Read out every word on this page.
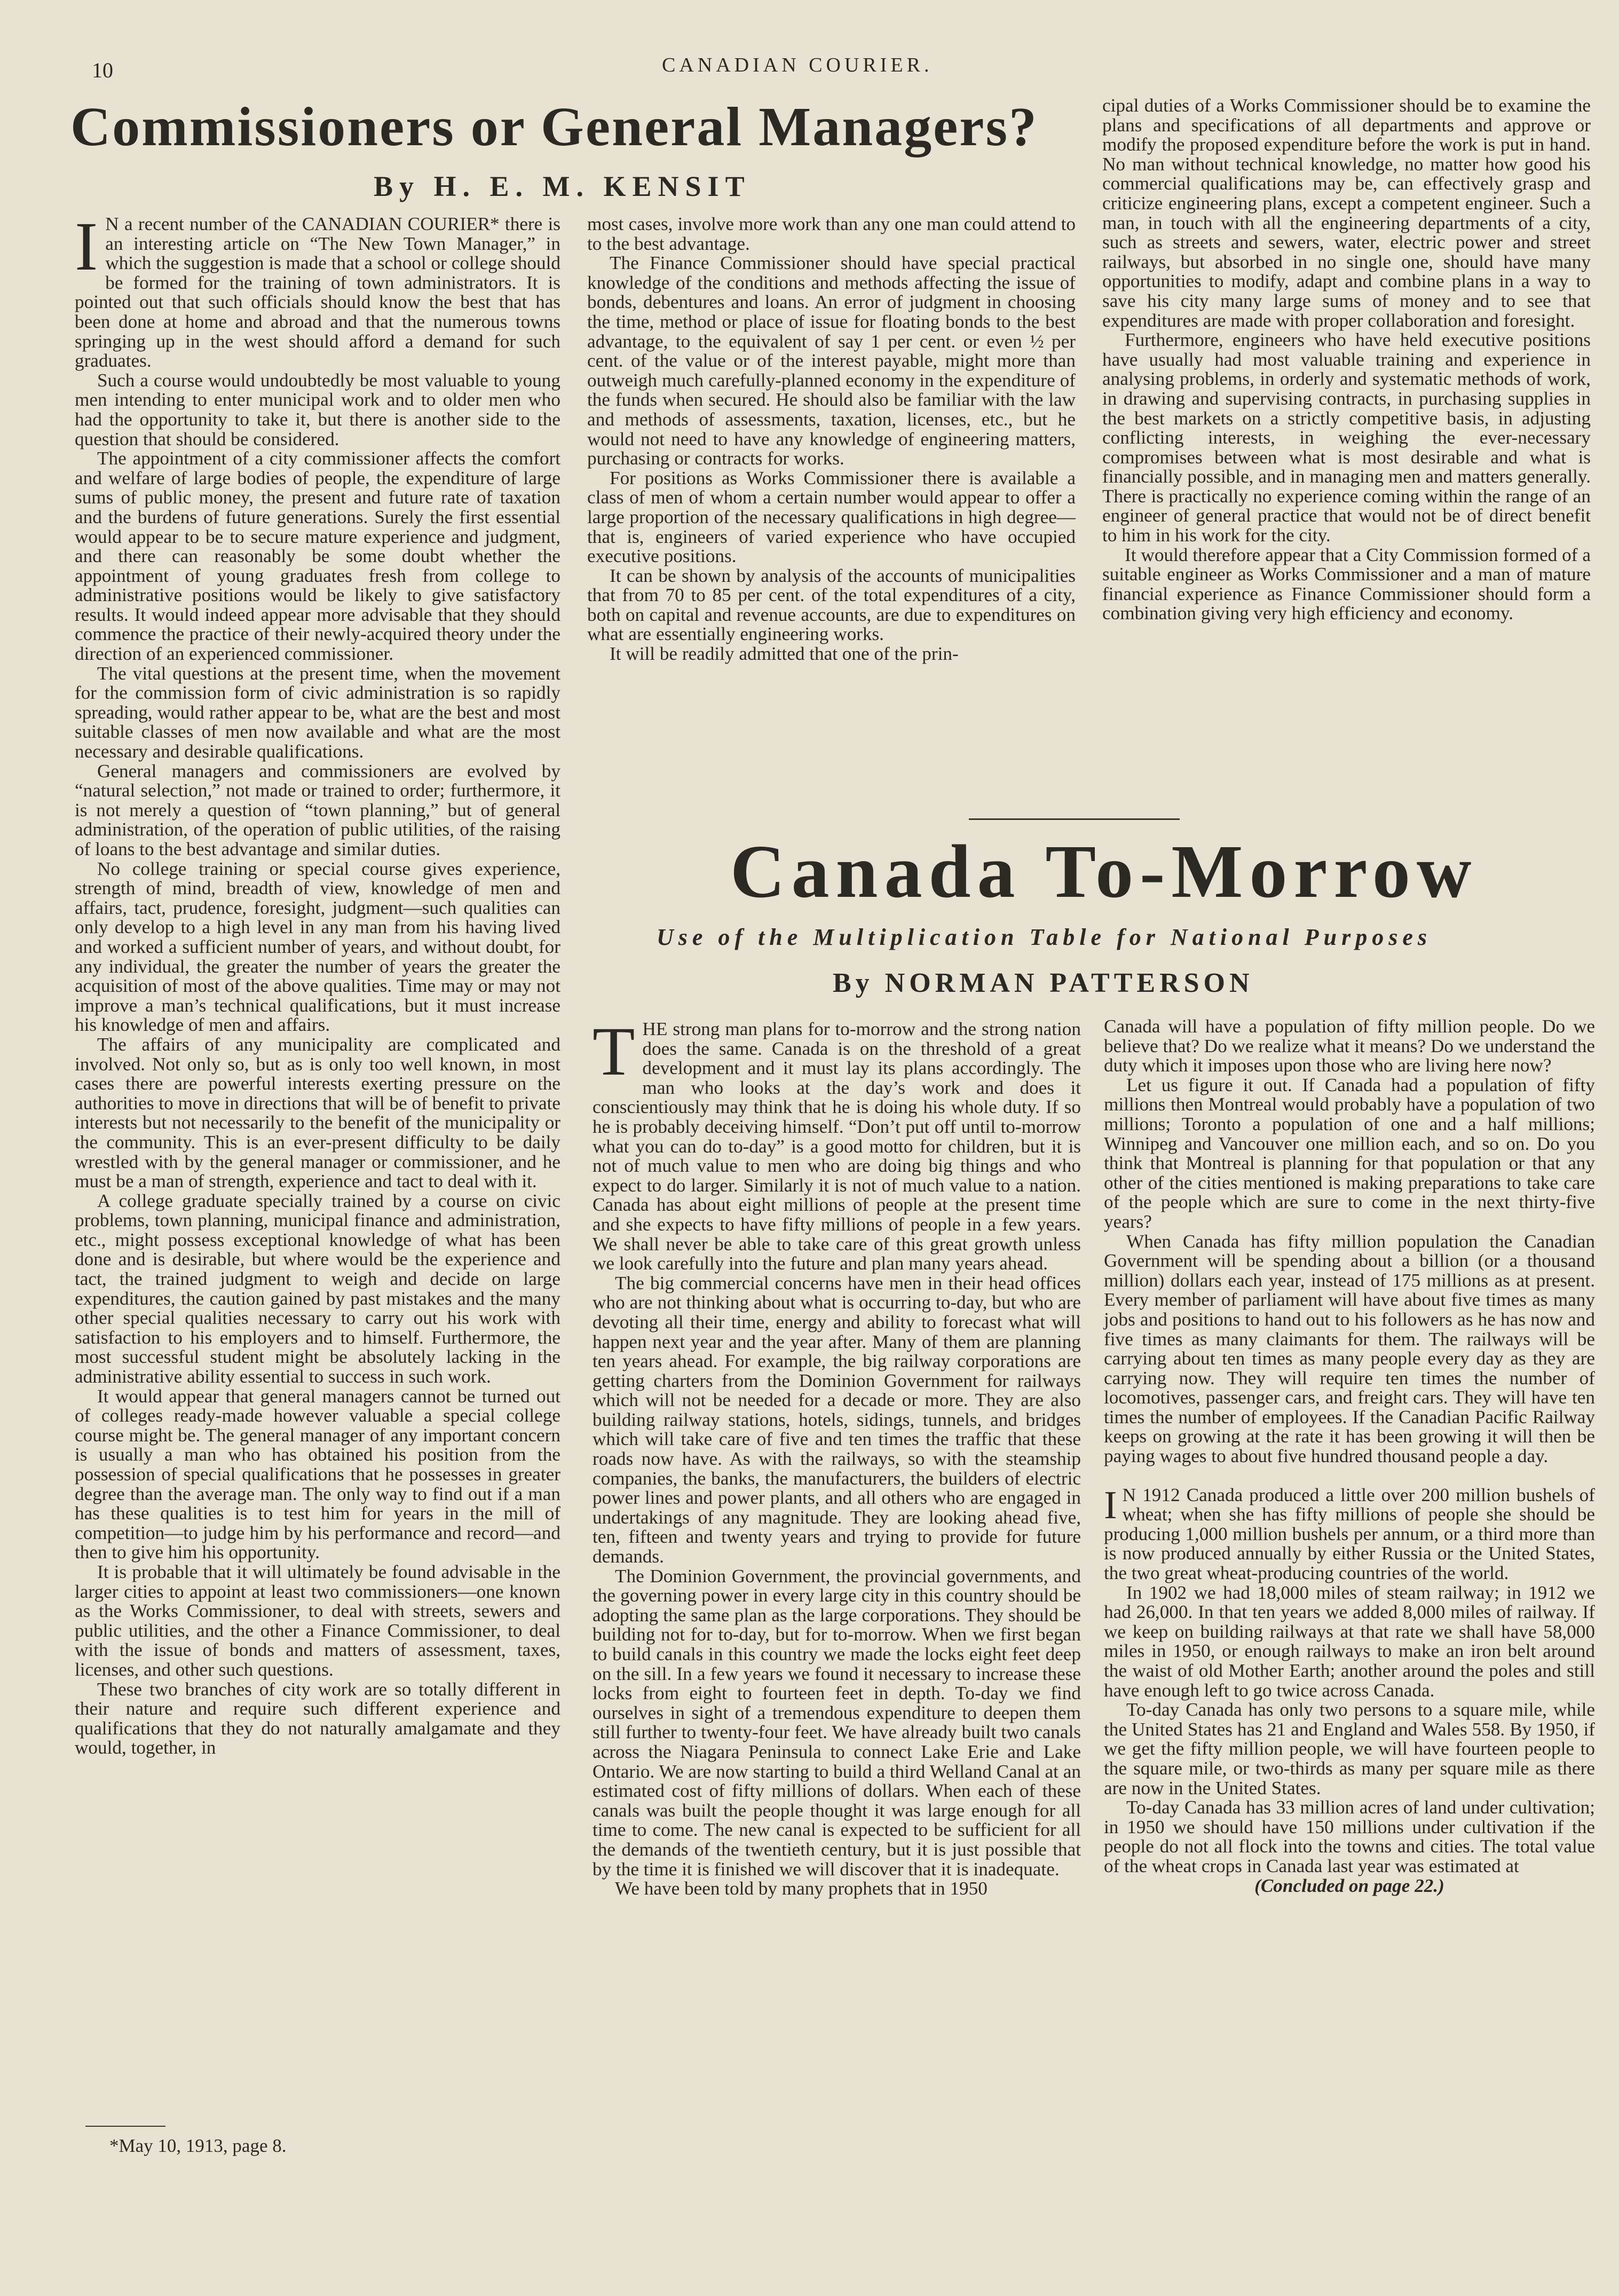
10	CANADIAN COURIER.
Commissioners or General Managers?
By H. E. M. KENSIT
I N a recent number of the CANADIAN COURIER* there is an interesting article on “The New Town Manager,” in which the suggestion is made that a school or college should be formed for the training of town administrators. It is pointed out that such officials should know the best that has been done at home and abroad and that the numerous towns springing up in the west should afford a demand for such graduates.

Such a course would undoubtedly be most valuable to young men intending to enter municipal work and to older men who had the opportunity to take it, but there is another side to the question that should be considered.

The appointment of a city commissioner affects the comfort and welfare of large bodies of people, the expenditure of large sums of public money, the present and future rate of taxation and the burdens of future generations. Surely the first essential would appear to be to secure mature experience and judgment, and there can reasonably be some doubt whether the appointment of young graduates fresh from college to administrative positions would be likely to give satisfactory results. It would indeed appear more advisable that they should commence the practice of their newly-acquired theory under the direction of an experienced commissioner.

The vital questions at the present time, when the movement for the commission form of civic administration is so rapidly spreading, would rather appear to be, what are the best and most suitable classes of men now available and what are the most necessary and desirable qualifications.

General managers and commissioners are evolved by “natural selection,” not made or trained to order; furthermore, it is not merely a question of “town planning,” but of general administration, of the operation of public utilities, of the raising of loans to the best advantage and similar duties.

No college training or special course gives experience, strength of mind, breadth of view, knowledge of men and affairs, tact, prudence, foresight, judgment—such qualities can only develop to a high level in any man from his having lived and worked a sufficient number of years, and without doubt, for any individual, the greater the number of years the greater the acquisition of most of the above qualities. Time may or may not improve a man’s technical qualifications, but it must increase his knowledge of men and affairs.

The affairs of any municipality are complicated and involved. Not only so, but as is only too well known, in most cases there are powerful interests exerting pressure on the authorities to move in directions that will be of benefit to private interests but not necessarily to the benefit of the municipality or the community. This is an ever-present difficulty to be daily wrestled with by the general manager or commissioner, and he must be a man of strength, experience and tact to deal with it.

A college graduate specially trained by a course on civic problems, town planning, municipal finance and administration, etc., might possess exceptional knowledge of what has been done and is desirable, but where would be the experience and tact, the trained judgment to weigh and decide on large expenditures, the caution gained by past mistakes and the many other special qualities necessary to carry out his work with satisfaction to his employers and to himself. Furthermore, the most successful student might be absolutely lacking in the administrative ability essential to success in such work.

It would appear that general managers cannot be turned out of colleges ready-made however valuable a special college course might be. The general manager of any important concern is usually a man who has obtained his position from the possession of special qualifications that he possesses in greater degree than the average man. The only way to find out if a man has these qualities is to test him for years in the mill of competition—to judge him by his performance and record—and then to give him his opportunity.

It is probable that it will ultimately be found advisable in the larger cities to appoint at least two commissioners—one known as the Works Commissioner, to deal with streets, sewers and public utilities, and the other a Finance Commissioner, to deal with the issue of bonds and matters of assessment, taxes, licenses, and other such questions.

These two branches of city work are so totally different in their nature and require such different experience and qualifications that they do not naturally amalgamate and they would, together, in

*May 10, 1913, page 8.

most cases, involve more work than any one man could attend to to the best advantage.

The Finance Commissioner should have special practical knowledge of the conditions and methods affecting the issue of bonds, debentures and loans. An error of judgment in choosing the time, method or place of issue for floating bonds to the best advantage, to the equivalent of say 1 per cent. or even ½ per cent. of the value or of the interest payable, might more than outweigh much carefully-planned economy in the expenditure of the funds when secured. He should also be familiar with the law and methods of assessments, taxation, licenses, etc., but he would not need to have any knowledge of engineering matters, purchasing or contracts for works.

For positions as Works Commissioner there is available a class of men of whom a certain number would appear to offer a large proportion of the necessary qualifications in high degree—that is, engineers of varied experience who have occupied executive positions.

It can be shown by analysis of the accounts of municipalities that from 70 to 85 per cent. of the total expenditures of a city, both on capital and revenue accounts, are due to expenditures on what are essentially engineering works.

It will be readily admitted that one of the prin-

cipal duties of a Works Commissioner should be to examine the plans and specifications of all departments and approve or modify the proposed expenditure before the work is put in hand. No man without technical knowledge, no matter how good his commercial qualifications may be, can effectively grasp and criticize engineering plans, except a competent engineer. Such a man, in touch with all the engineering departments of a city, such as streets and sewers, water, electric power and street railways, but absorbed in no single one, should have many opportunities to modify, adapt and combine plans in a way to save his city many large sums of money and to see that expenditures are made with proper collaboration and foresight.

Furthermore, engineers who have held executive positions have usually had most valuable training and experience in analysing problems, in orderly and systematic methods of work, in drawing and supervising contracts, in purchasing supplies in the best markets on a strictly competitive basis, in adjusting conflicting interests, in weighing the ever-necessary compromises between what is most desirable and what is financially possible, and in managing men and matters generally. There is practically no experience coming within the range of an engineer of general practice that would not be of direct benefit to him in his work for the city.

It would therefore appear that a City Commission formed of a suitable engineer as Works Commissioner and a man of mature financial experience as Finance Commissioner should form a combination giving very high efficiency and economy.

Canada To-Morrow
Use of the Multiplication Table for National Purposes
By NORMAN PATTERSON
T HE strong man plans for to-morrow and the strong nation does the same. Canada is on the threshold of a great development and it must lay its plans accordingly. The man who looks at the day’s work and does it conscientiously may think that he is doing his whole duty. If so he is probably deceiving himself. “Don’t put off until to-morrow what you can do to-day” is a good motto for children, but it is not of much value to men who are doing big things and who expect to do larger. Similarly it is not of much value to a nation. Canada has about eight millions of people at the present time and she expects to have fifty millions of people in a few years. We shall never be able to take care of this great growth unless we look carefully into the future and plan many years ahead.

The big commercial concerns have men in their head offices who are not thinking about what is occurring to-day, but who are devoting all their time, energy and ability to forecast what will happen next year and the year after. Many of them are planning ten years ahead. For example, the big railway corporations are getting charters from the Dominion Government for railways which will not be needed for a decade or more. They are also building railway stations, hotels, sidings, tunnels, and bridges which will take care of five and ten times the traffic that these roads now have. As with the railways, so with the steamship companies, the banks, the manufacturers, the builders of electric power lines and power plants, and all others who are engaged in undertakings of any magnitude. They are looking ahead five, ten, fifteen and twenty years and trying to provide for future demands.

The Dominion Government, the provincial governments, and the governing power in every large city in this country should be adopting the same plan as the large corporations. They should be building not for to-day, but for to-morrow. When we first began to build canals in this country we made the locks eight feet deep on the sill. In a few years we found it necessary to increase these locks from eight to fourteen feet in depth. To-day we find ourselves in sight of a tremendous expenditure to deepen them still further to twenty-four feet. We have already built two canals across the Niagara Peninsula to connect Lake Erie and Lake Ontario. We are now starting to build a third Welland Canal at an estimated cost of fifty millions of dollars. When each of these canals was built the people thought it was large enough for all time to come. The new canal is expected to be sufficient for all the demands of the twentieth century, but it is just possible that by the time it is finished we will discover that it is inadequate.

We have been told by many prophets that in 1950

Canada will have a population of fifty million people. Do we believe that? Do we realize what it means? Do we understand the duty which it imposes upon those who are living here now?

Let us figure it out. If Canada had a population of fifty millions then Montreal would probably have a population of two millions; Toronto a population of one and a half millions; Winnipeg and Vancouver one million each, and so on. Do you think that Montreal is planning for that population or that any other of the cities mentioned is making preparations to take care of the people which are sure to come in the next thirty-five years?

When Canada has fifty million population the Canadian Government will be spending about a billion (or a thousand million) dollars each year, instead of 175 millions as at present. Every member of parliament will have about five times as many jobs and positions to hand out to his followers as he has now and five times as many claimants for them. The railways will be carrying about ten times as many people every day as they are carrying now. They will require ten times the number of locomotives, passenger cars, and freight cars. They will have ten times the number of employees. If the Canadian Pacific Railway keeps on growing at the rate it has been growing it will then be paying wages to about five hundred thousand people a day.

I N 1912 Canada produced a little over 200 million bushels of wheat; when she has fifty millions of people she should be producing 1,000 million bushels per annum, or a third more than is now produced annually by either Russia or the United States, the two great wheat-producing countries of the world.

In 1902 we had 18,000 miles of steam railway; in 1912 we had 26,000. In that ten years we added 8,000 miles of railway. If we keep on building railways at that rate we shall have 58,000 miles in 1950, or enough railways to make an iron belt around the waist of old Mother Earth; another around the poles and still have enough left to go twice across Canada.

To-day Canada has only two persons to a square mile, while the United States has 21 and England and Wales 558. By 1950, if we get the fifty million people, we will have fourteen people to the square mile, or two-thirds as many per square mile as there are now in the United States.

To-day Canada has 33 million acres of land under cultivation; in 1950 we should have 150 millions under cultivation if the people do not all flock into the towns and cities. The total value of the wheat crops in Canada last year was estimated at

(Concluded on page 22.)
